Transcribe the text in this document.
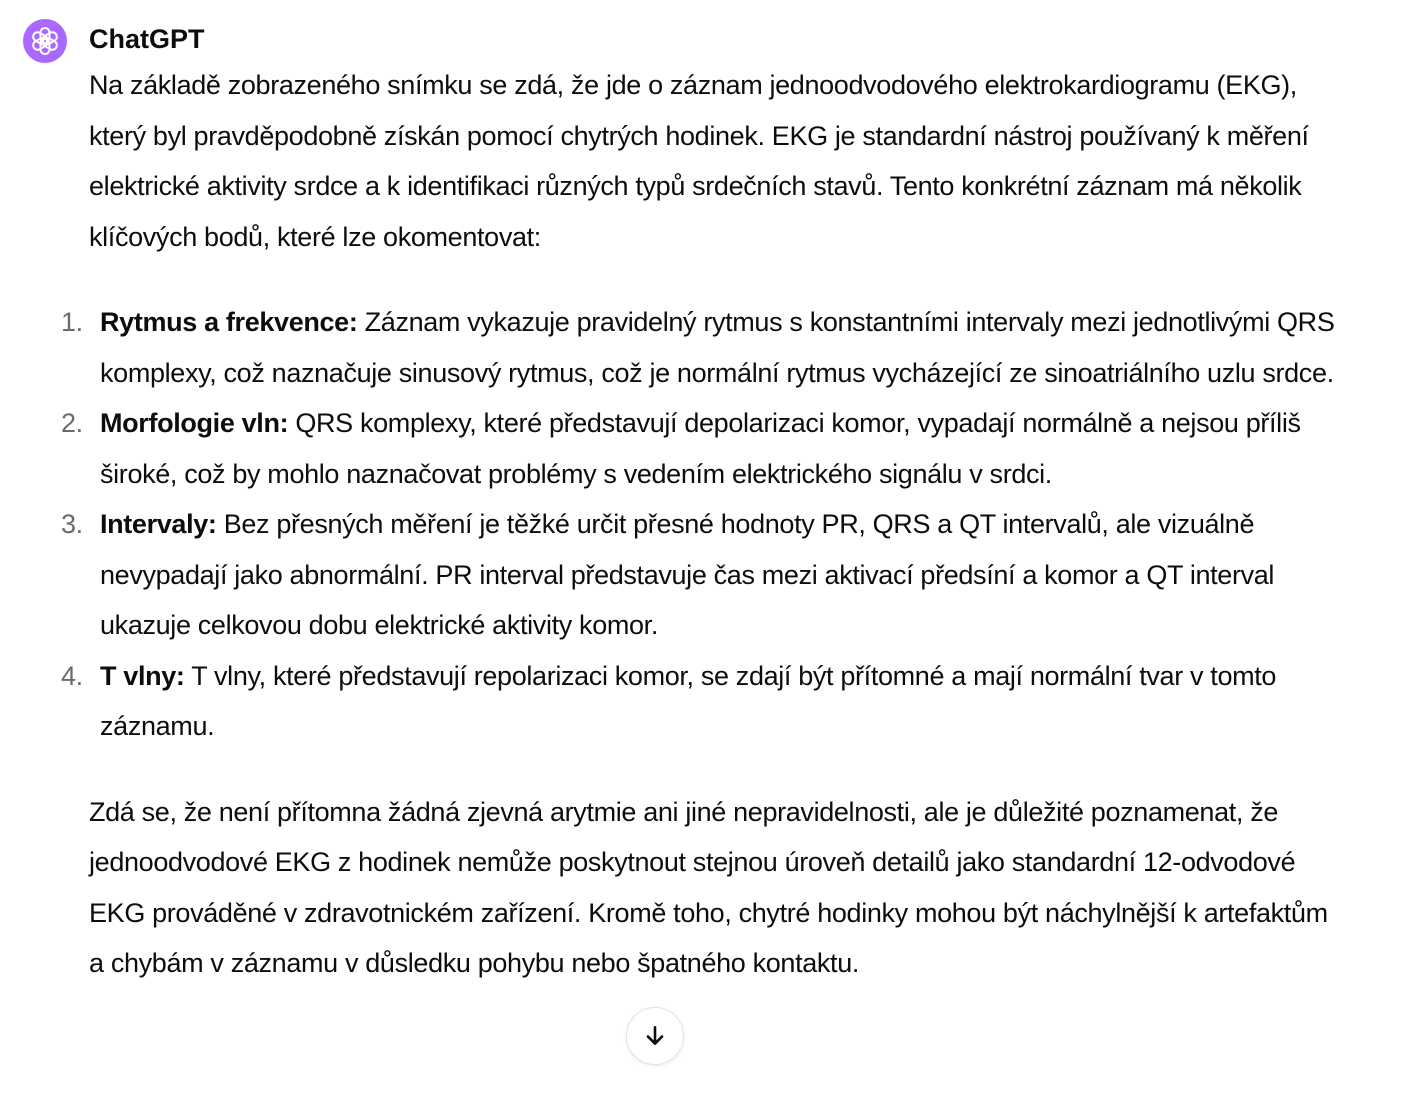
ChatGPT

Na základě zobrazeného snímku se zdá, že jde o záznam jednoodvodového elektrokardiogramu (EKG), který byl pravděpodobně získán pomocí chytrých hodinek. EKG je standardní nástroj používaný k měření elektrické aktivity srdce a k identifikaci různých typů srdečních stavů. Tento konkrétní záznam má několik klíčových bodů, které lze okomentovat:

1. Rytmus a frekvence: Záznam vykazuje pravidelný rytmus s konstantními intervaly mezi jednotlivými QRS komplexy, což naznačuje sinusový rytmus, což je normální rytmus vycházející ze sinoatriálního uzlu srdce.
2. Morfologie vln: QRS komplexy, které představují depolarizaci komor, vypadají normálně a nejsou příliš široké, což by mohlo naznačovat problémy s vedením elektrického signálu v srdci.
3. Intervaly: Bez přesných měření je těžké určit přesné hodnoty PR, QRS a QT intervalů, ale vizuálně nevypadají jako abnormální. PR interval představuje čas mezi aktivací předsíní a komor a QT interval ukazuje celkovou dobu elektrické aktivity komor.
4. T vlny: T vlny, které představují repolarizaci komor, se zdají být přítomné a mají normální tvar v tomto záznamu.

Zdá se, že není přítomna žádná zjevná arytmie ani jiné nepravidelnosti, ale je důležité poznamenat, že jednoodvodové EKG z hodinek nemůže poskytnout stejnou úroveň detailů jako standardní 12-odvodové EKG prováděné v zdravotnickém zařízení. Kromě toho, chytré hodinky mohou být náchylnější k artefaktům a chybám v záznamu v důsledku pohybu nebo špatného kontaktu.
